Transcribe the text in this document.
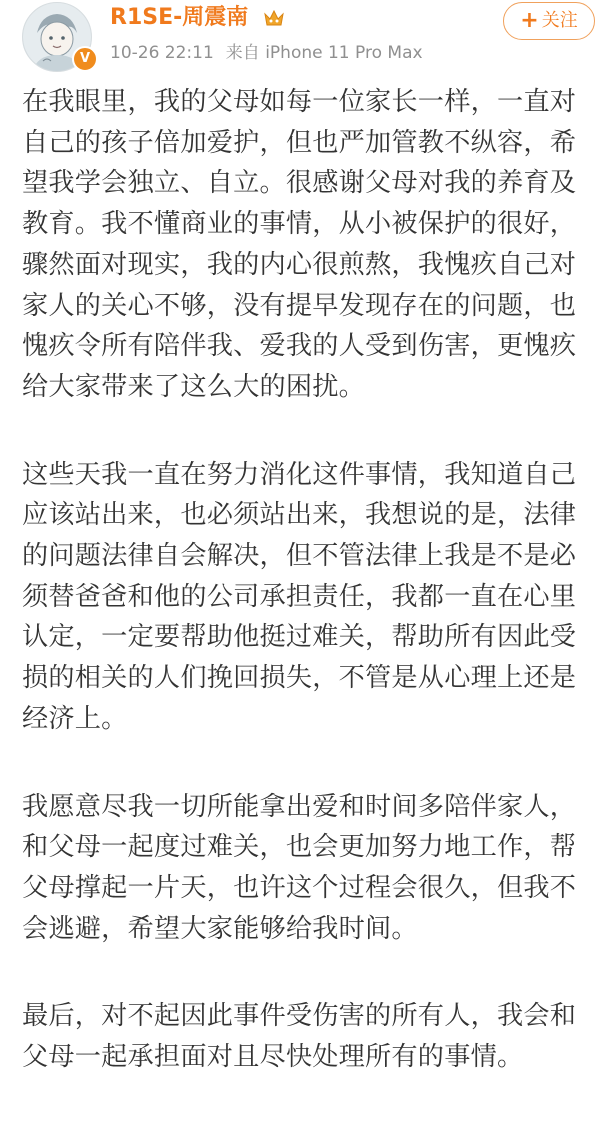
V
R1SE-周震南
10-26 22:11 来自 iPhone 11 Pro Max
+ 关注

在我眼里，我的父母如每一位家长一样，一直对自己的孩子倍加爱护，但也严加管教不纵容，希望我学会独立、自立。很感谢父母对我的养育及教育。我不懂商业的事情，从小被保护的很好，骤然面对现实，我的内心很煎熬，我愧疚自己对家人的关心不够，没有提早发现存在的问题，也愧疚令所有陪伴我、爱我的人受到伤害，更愧疚给大家带来了这么大的困扰。

这些天我一直在努力消化这件事情，我知道自己应该站出来，也必须站出来，我想说的是，法律的问题法律自会解决，但不管法律上我是不是必须替爸爸和他的公司承担责任，我都一直在心里认定，一定要帮助他挺过难关，帮助所有因此受损的相关的人们挽回损失，不管是从心理上还是经济上。

我愿意尽我一切所能拿出爱和时间多陪伴家人，和父母一起度过难关，也会更加努力地工作，帮父母撑起一片天，也许这个过程会很久，但我不会逃避，希望大家能够给我时间。

最后，对不起因此事件受伤害的所有人，我会和父母一起承担面对且尽快处理所有的事情。
